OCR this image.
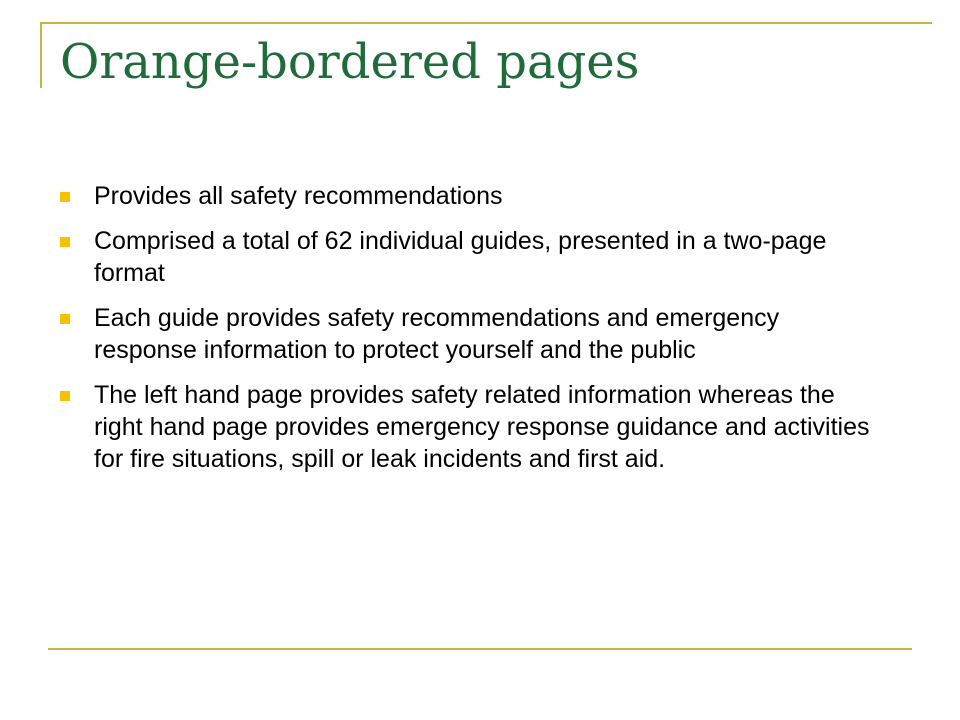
Orange-bordered pages
Provides all safety recommendations
Comprised a total of 62 individual guides, presented in a two-page format
Each guide provides safety recommendations and emergency response information to protect yourself and the public
The left hand page provides safety related information whereas the right hand page provides emergency response guidance and activities for fire situations, spill or leak incidents and first aid.
